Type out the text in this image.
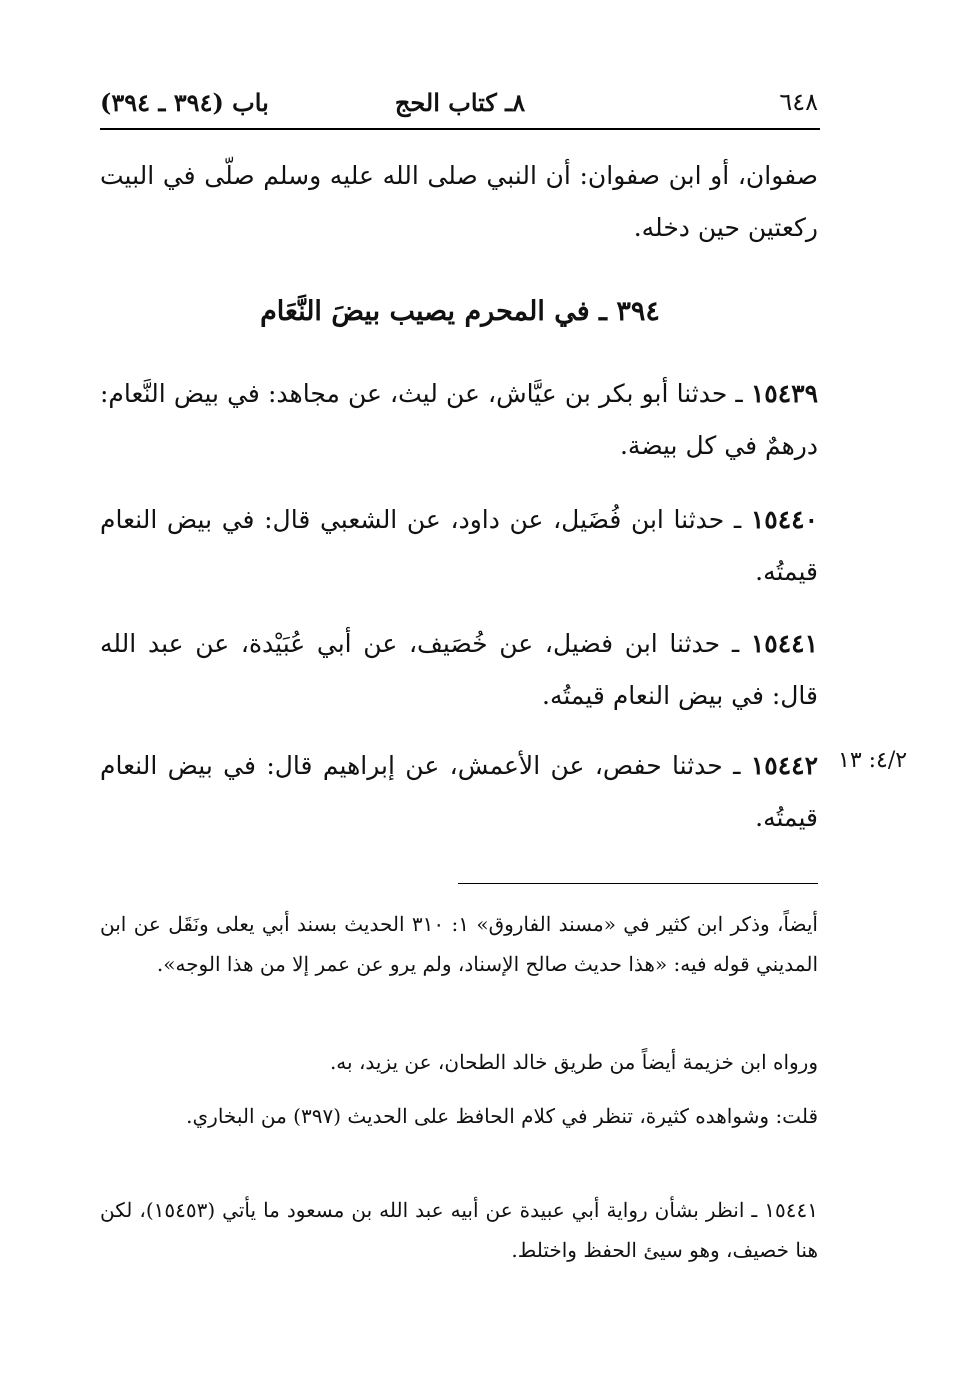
٦٤٨
٨ـ كتاب الحج
باب (٣٩٤ ـ ٣٩٤)

صفوان، أو ابن صفوان: أن النبي صلى الله عليه وسلم صلّى في البيت ركعتين حين دخله.

٣٩٤ ـ في المحرم يصيب بيضَ النَّعَام

١٥٤٣٩ ـ حدثنا أبو بكر بن عيَّاش، عن ليث، عن مجاهد: في بيض النَّعام: درهمٌ في كل بيضة.

١٥٤٤٠ ـ حدثنا ابن فُضَيل، عن داود، عن الشعبي قال: في بيض النعام قيمتُه.

١٥٤٤١ ـ حدثنا ابن فضيل، عن خُصَيف، عن أبي عُبَيْدة، عن عبد الله قال: في بيض النعام قيمتُه.

١٥٤٤٢ ـ حدثنا حفص، عن الأعمش، عن إبراهيم قال: في بيض النعام قيمتُه.

٤/٢: ١٣

أيضاً، وذكر ابن كثير في «مسند الفاروق» ١: ٣١٠ الحديث بسند أبي يعلى ونَقَل عن ابن المديني قوله فيه: «هذا حديث صالح الإسناد، ولم يرو عن عمر إلا من هذا الوجه».

ورواه ابن خزيمة أيضاً من طريق خالد الطحان، عن يزيد، به.

قلت: وشواهده كثيرة، تنظر في كلام الحافظ على الحديث (٣٩٧) من البخاري.

١٥٤٤١ ـ انظر بشأن رواية أبي عبيدة عن أبيه عبد الله بن مسعود ما يأتي (١٥٤٥٣)، لكن هنا خصيف، وهو سيئ الحفظ واختلط.
